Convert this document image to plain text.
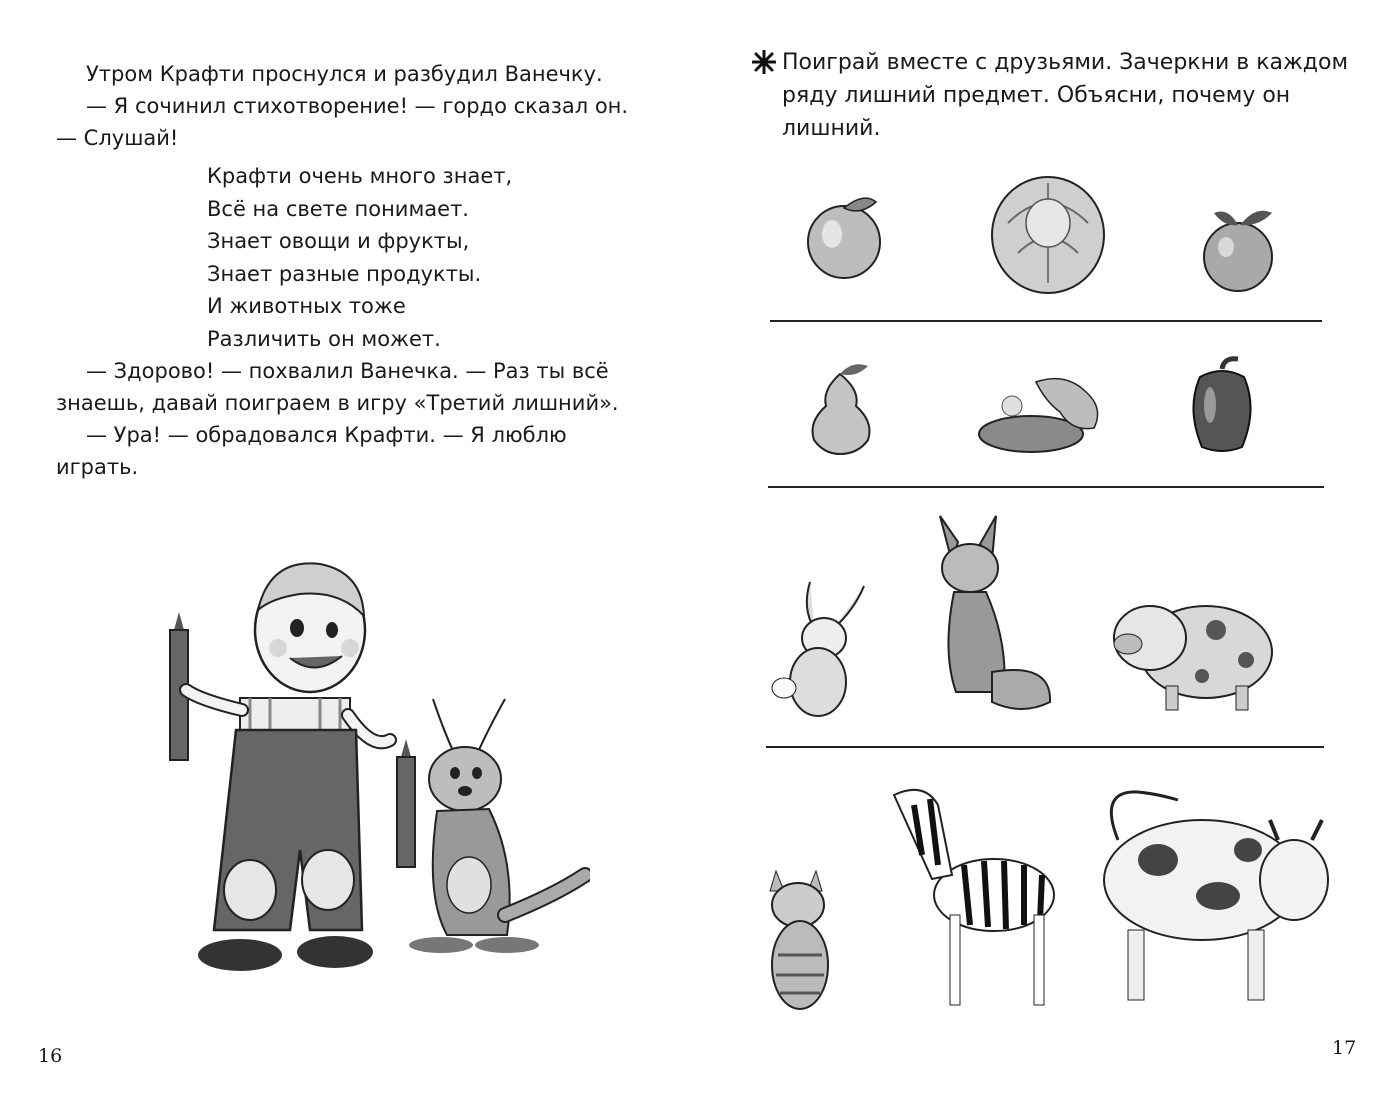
Утром Крафти проснулся и разбудил Ванечку.

— Я сочинил стихотворение! — гордо сказал он. — Слушай!

Крафти очень много знает,
Всё на свете понимает.
Знает овощи и фрукты,
Знает разные продукты.
И животных тоже
Различить он может.

— Здорово! — похвалил Ванечка. — Раз ты всё знаешь, давай поиграем в игру «Третий лишний».

— Ура! — обрадовался Крафти. — Я люблю играть.

16
Поиграй вместе с друзьями. Зачеркни в каждом ряду лишний предмет. Объясни, почему он лишний.
17
